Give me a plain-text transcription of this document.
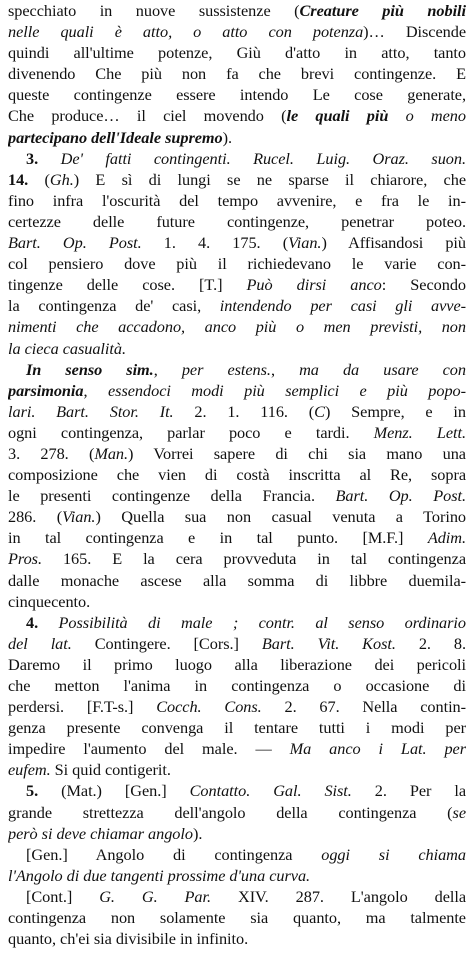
specchiato in nuove sussistenze (Creature più nobili
nelle quali è atto, o atto con potenza)… Discende
quindi all'ultime potenze, Giù d'atto in atto, tanto
divenendo Che più non fa che brevi contingenze. E
queste contingenze essere intendo Le cose generate,
Che produce… il ciel movendo (le quali più o meno
partecipano dell'Ideale supremo).
3. De' fatti contingenti. Rucel. Luig. Oraz. suon.
14. (Gh.) E sì di lungi se ne sparse il chiarore, che
fino infra l'oscurità del tempo avvenire, e fra le in-
certezze delle future contingenze, penetrar poteo.
Bart. Op. Post. 1. 4. 175. (Vian.) Affisandosi più
col pensiero dove più il richiedevano le varie con-
tingenze delle cose. [T.] Può dirsi anco: Secondo
la contingenza de' casi, intendendo per casi gli avve-
nimenti che accadono, anco più o men previsti, non
la cieca casualità.
In senso sim., per estens., ma da usare con
parsimonia, essendoci modi più semplici e più popo-
lari. Bart. Stor. It. 2. 1. 116. (C) Sempre, e in
ogni contingenza, parlar poco e tardi. Menz. Lett.
3. 278. (Man.) Vorrei sapere di chi sia mano una
composizione che vien di costà inscritta al Re, sopra
le presenti contingenze della Francia. Bart. Op. Post.
286. (Vian.) Quella sua non casual venuta a Torino
in tal contingenza e in tal punto. [M.F.] Adim.
Pros. 165. E la cera provveduta in tal contingenza
dalle monache ascese alla somma di libbre duemila-
cinquecento.
4. Possibilità di male ; contr. al senso ordinario
del lat. Contingere. [Cors.] Bart. Vit. Kost. 2. 8.
Daremo il primo luogo alla liberazione dei pericoli
che metton l'anima in contingenza o occasione di
perdersi. [F.T-s.] Cocch. Cons. 2. 67. Nella contin-
genza presente convenga il tentare tutti i modi per
impedire l'aumento del male. — Ma anco i Lat. per
eufem. Si quid contigerit.
5. (Mat.) [Gen.] Contatto. Gal. Sist. 2. Per la
grande strettezza dell'angolo della contingenza (se
però si deve chiamar angolo).
[Gen.] Angolo di contingenza oggi si chiama
l'Angolo di due tangenti prossime d'una curva.
[Cont.] G. G. Par. XIV. 287. L'angolo della
contingenza non solamente sia quanto, ma talmente
quanto, ch'ei sia divisibile in infinito.
